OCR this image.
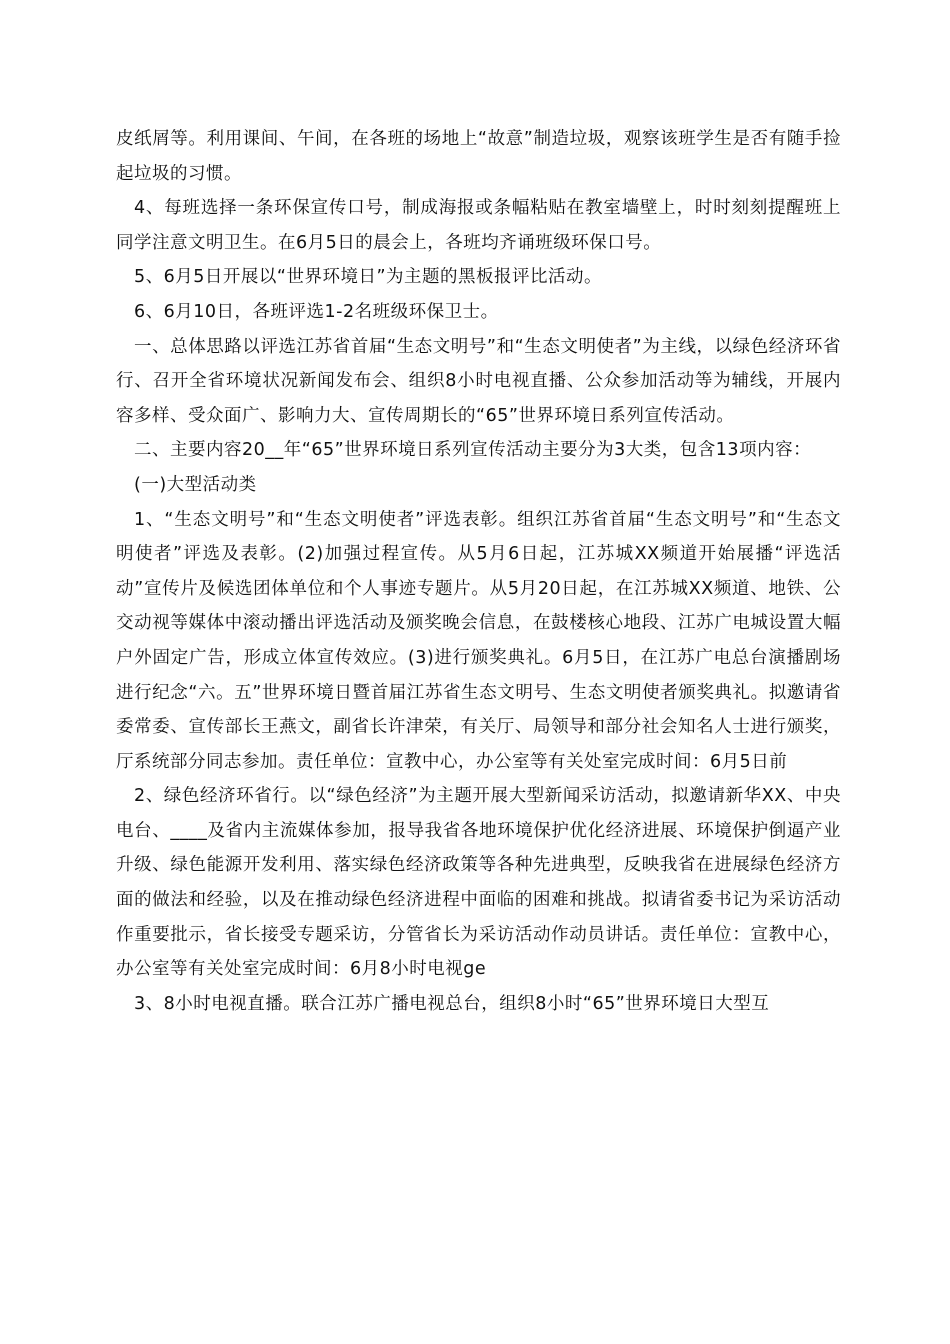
皮纸屑等。利用课间、午间，在各班的场地上“故意”制造垃圾，观察该班学生是否有随手捡起垃圾的习惯。

4、每班选择一条环保宣传口号，制成海报或条幅粘贴在教室墙壁上，时时刻刻提醒班上同学注意文明卫生。在6月5日的晨会上，各班均齐诵班级环保口号。

5、6月5日开展以“世界环境日”为主题的黑板报评比活动。

6、6月10日，各班评选1-2名班级环保卫士。

一、总体思路以评选江苏省首届“生态文明号”和“生态文明使者”为主线，以绿色经济环省行、召开全省环境状况新闻发布会、组织8小时电视直播、公众参加活动等为辅线，开展内容多样、受众面广、影响力大、宣传周期长的“65”世界环境日系列宣传活动。

二、主要内容20__年“65”世界环境日系列宣传活动主要分为3大类，包含13项内容：

(一)大型活动类

1、“生态文明号”和“生态文明使者”评选表彰。组织江苏省首届“生态文明号”和“生态文明使者”评选及表彰。(2)加强过程宣传。从5月6日起，江苏城XX频道开始展播“评选活动”宣传片及候选团体单位和个人事迹专题片。从5月20日起，在江苏城XX频道、地铁、公交动视等媒体中滚动播出评选活动及颁奖晚会信息，在鼓楼核心地段、江苏广电城设置大幅户外固定广告，形成立体宣传效应。(3)进行颁奖典礼。6月5日，在江苏广电总台演播剧场进行纪念“六。五”世界环境日暨首届江苏省生态文明号、生态文明使者颁奖典礼。拟邀请省委常委、宣传部长王燕文，副省长许津荣，有关厅、局领导和部分社会知名人士进行颁奖，厅系统部分同志参加。责任单位：宣教中心，办公室等有关处室完成时间：6月5日前

2、绿色经济环省行。以“绿色经济”为主题开展大型新闻采访活动，拟邀请新华XX、中央电台、____及省内主流媒体参加，报导我省各地环境保护优化经济进展、环境保护倒逼产业升级、绿色能源开发利用、落实绿色经济政策等各种先进典型，反映我省在进展绿色经济方面的做法和经验，以及在推动绿色经济进程中面临的困难和挑战。拟请省委书记为采访活动作重要批示，省长接受专题采访，分管省长为采访活动作动员讲话。责任单位：宣教中心，办公室等有关处室完成时间：6月8小时电视ge

3、8小时电视直播。联合江苏广播电视总台，组织8小时“65”世界环境日大型互
